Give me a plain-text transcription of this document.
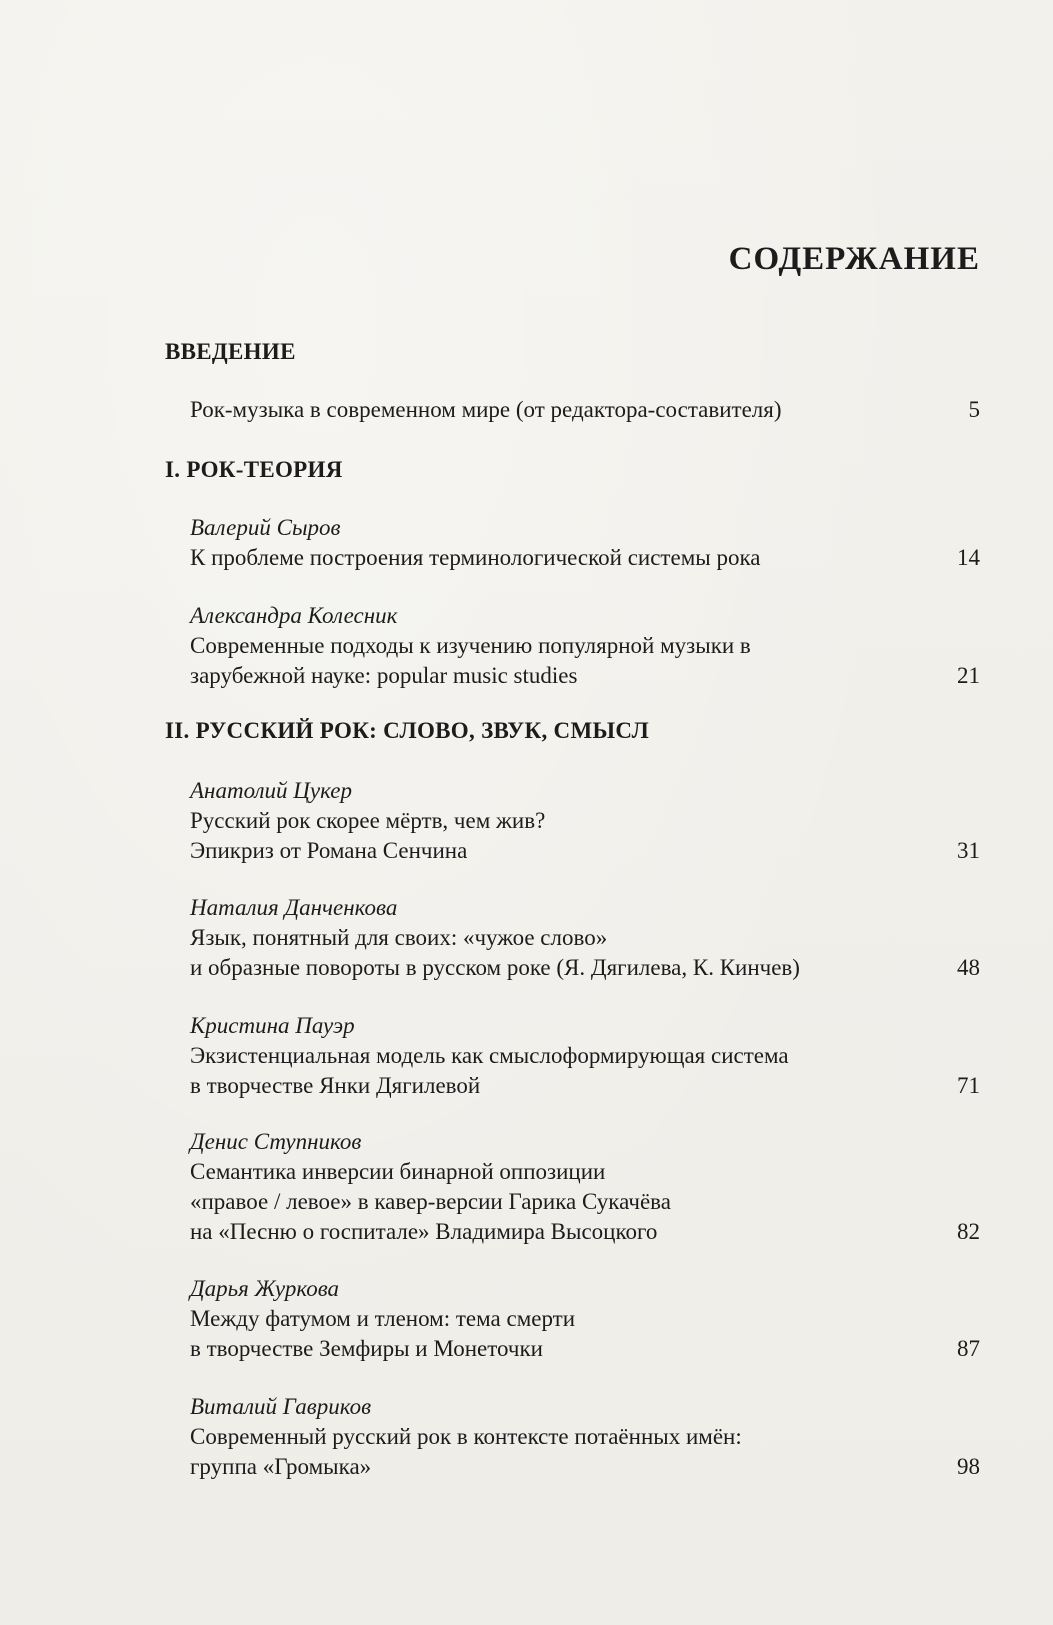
СОДЕРЖАНИЕ
ВВЕДЕНИЕ
Рок-музыка в современном мире (от редактора-составителя)	5
I. РОК-ТЕОРИЯ
Валерий Сыров
К проблеме построения терминологической системы рока	14
Александра Колесник
Современные подходы к изучению популярной музыки в
зарубежной науке: popular music studies	21
II. РУССКИЙ РОК: СЛОВО, ЗВУК, СМЫСЛ
Анатолий Цукер
Русский рок скорее мёртв, чем жив?
Эпикриз от Романа Сенчина	31
Наталия Данченкова
Язык, понятный для своих: «чужое слово»
и образные повороты в русском роке (Я. Дягилева, К. Кинчев)	48
Кристина Пауэр
Экзистенциальная модель как смыслоформирующая система
в творчестве Янки Дягилевой	71
Денис Ступников
Семантика инверсии бинарной оппозиции
«правое / левое» в кавер-версии Гарика Сукачёва
на «Песню о госпитале» Владимира Высоцкого	82
Дарья Журкова
Между фатумом и тленом: тема смерти
в творчестве Земфиры и Монеточки	87
Виталий Гавриков
Современный русский рок в контексте потаённых имён:
группа «Громыка»	98
